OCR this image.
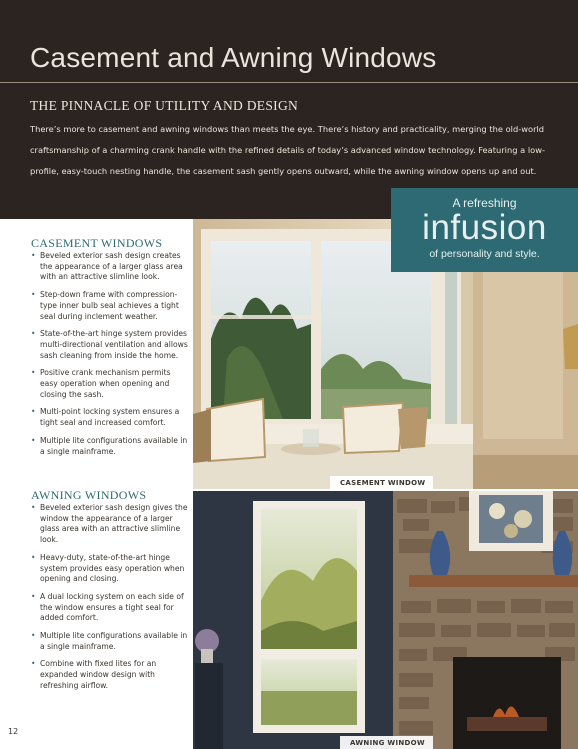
Casement and Awning Windows
THE PINNACLE OF UTILITY AND DESIGN
There’s more to casement and awning windows than meets the eye. There’s history and practicality, merging the old-world craftsmanship of a charming crank handle with the refined details of today’s advanced window technology. Featuring a low-profile, easy-touch nesting handle, the casement sash gently opens outward, while the awning window opens up and out.
CASEMENT WINDOW
AWNING WINDOW
A refreshing
infusion
of personality and style.
CASEMENT WINDOWS
• Beveled exterior sash design creates the appearance of a larger glass area with an attractive slimline look.
• Step-down frame with compression-type inner bulb seal achieves a tight seal during inclement weather.
• State-of-the-art hinge system provides multi-directional ventilation and allows sash cleaning from inside the home.
• Positive crank mechanism permits easy operation when opening and closing the sash.
• Multi-point locking system ensures a tight seal and increased comfort.
• Multiple lite configurations available in a single mainframe.
AWNING WINDOWS
• Beveled exterior sash design gives the window the appearance of a larger glass area with an attractive slimline look.
• Heavy-duty, state-of-the-art hinge system provides easy operation when opening and closing.
• A dual locking system on each side of the window ensures a tight seal for added comfort.
• Multiple lite configurations available in a single mainframe.
• Combine with fixed lites for an expanded window design with refreshing airflow.
12
